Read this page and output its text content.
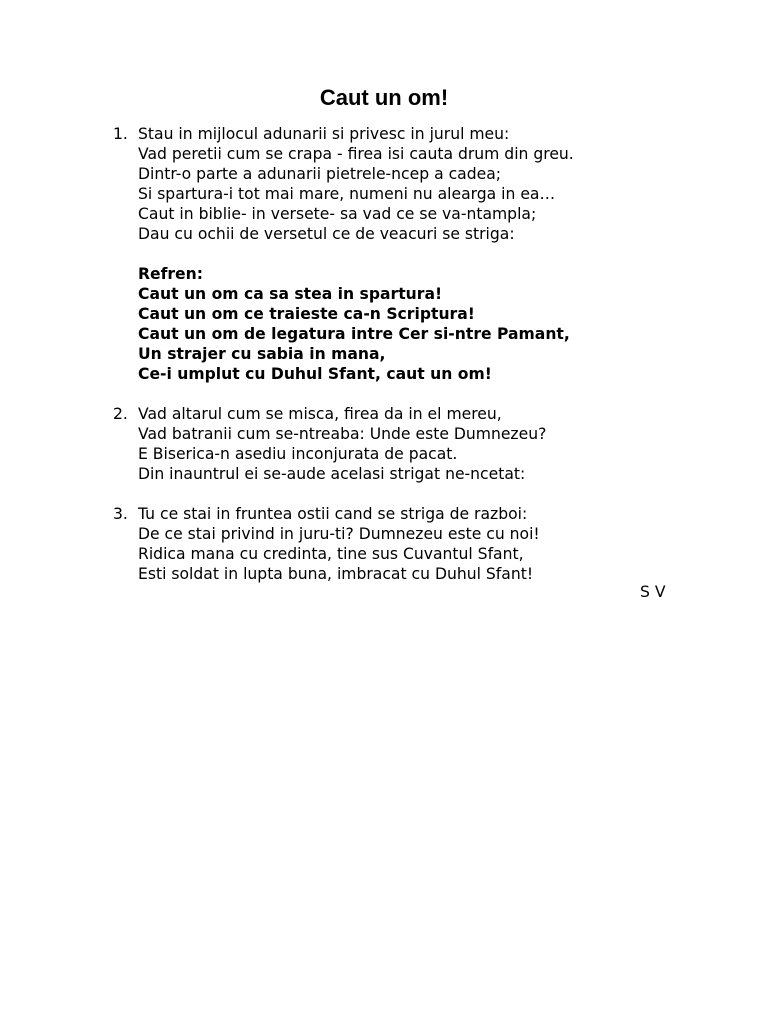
Caut un om!
1. Stau in mijlocul adunarii si privesc in jurul meu:
Vad peretii cum se crapa - firea isi cauta drum din greu.
Dintr-o parte a adunarii pietrele-ncep a cadea;
Si spartura-i tot mai mare, numeni nu alearga in ea…
Caut in biblie- in versete- sa vad ce se va-ntampla;
Dau cu ochii de versetul ce de veacuri se striga:
Refren:
Caut un om ca sa stea in spartura!
Caut un om ce traieste ca-n Scriptura!
Caut un om de legatura intre Cer si-ntre Pamant,
Un strajer cu sabia in mana,
Ce-i umplut cu Duhul Sfant, caut un om!
2. Vad altarul cum se misca, firea da in el mereu,
Vad batranii cum se-ntreaba: Unde este Dumnezeu?
E Biserica-n asediu inconjurata de pacat.
Din inauntrul ei se-aude acelasi strigat ne-ncetat:
3. Tu ce stai in fruntea ostii cand se striga de razboi:
De ce stai privind in juru-ti? Dumnezeu este cu noi!
Ridica mana cu credinta, tine sus Cuvantul Sfant,
Esti soldat in lupta buna, imbracat cu Duhul Sfant!
S V
